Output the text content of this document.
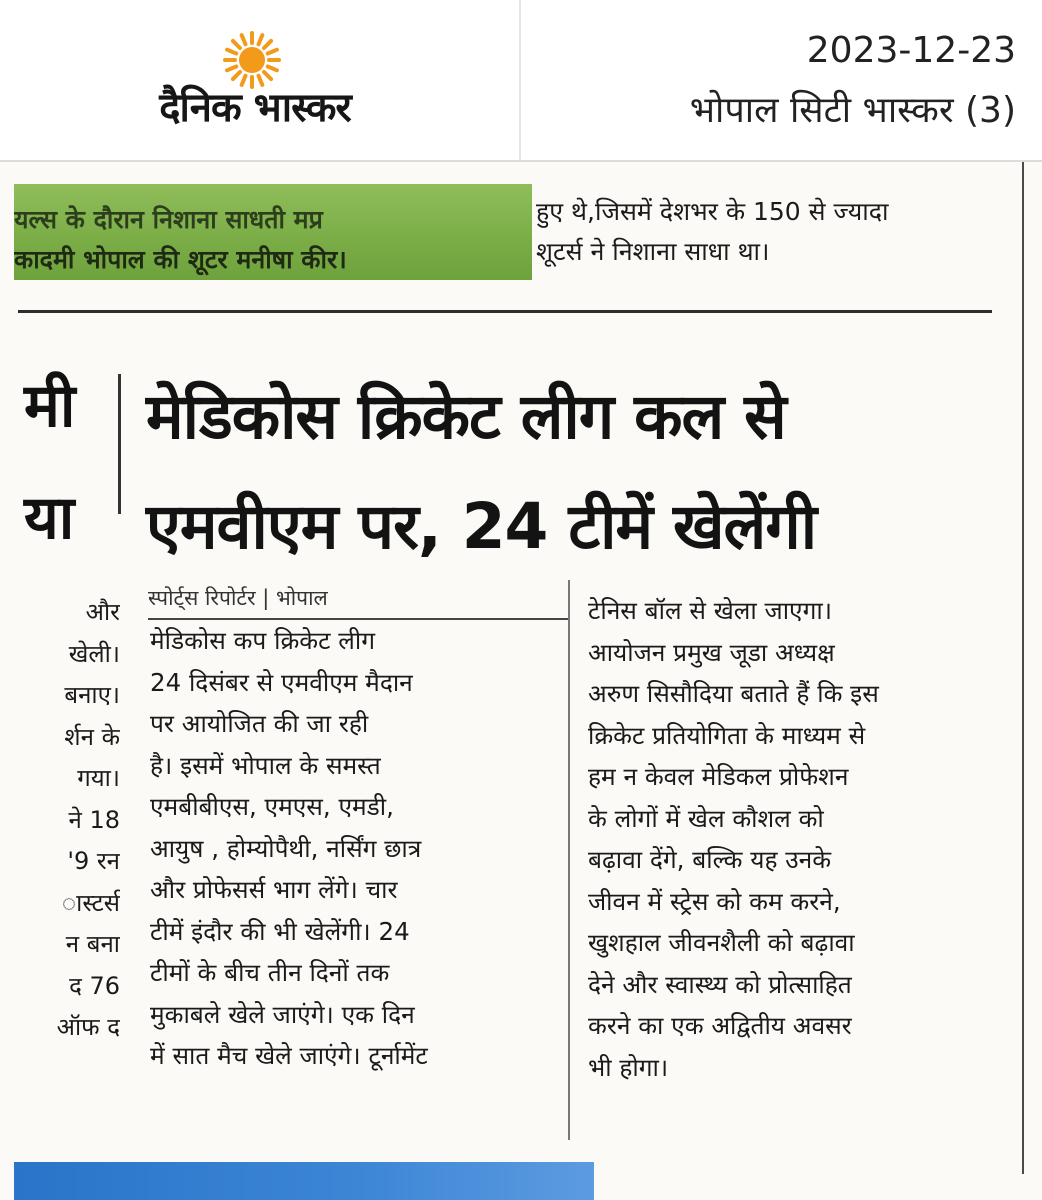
दैनिक भास्कर
2023-12-23
भोपाल सिटी भास्कर (3)
यल्स के दौरान निशाना साधती मप्र
कादमी भोपाल की शूटर मनीषा कीर।
हुए थे,जिसमें देशभर के 150 से ज्यादा
शूटर्स ने निशाना साधा था।
मी
या
और
खेली।
बनाए।
र्शन के
गया।
ने 18
'9 रन
ास्टर्स
न बना
द 76
ऑफ द
मेडिकोस क्रिकेट लीग कल से
एमवीएम पर, 24 टीमें खेलेंगी
स्पोर्ट्स रिपोर्टर | भोपाल
मेडिकोस कप क्रिकेट लीग
24 दिसंबर से एमवीएम मैदान
पर आयोजित की जा रही
है। इसमें भोपाल के समस्त
एमबीबीएस, एमएस, एमडी,
आयुष , होम्योपैथी, नर्सिंग छात्र
और प्रोफेसर्स भाग लेंगे। चार
टीमें इंदौर की भी खेलेंगी। 24
टीमों के बीच तीन दिनों तक
मुकाबले खेले जाएंगे। एक दिन
में सात मैच खेले जाएंगे। टूर्नामेंट
टेनिस बॉल से खेला जाएगा।
आयोजन प्रमुख जूडा अध्यक्ष
अरुण सिसौदिया बताते हैं कि इस
क्रिकेट प्रतियोगिता के माध्यम से
हम न केवल मेडिकल प्रोफेशन
के लोगों में खेल कौशल को
बढ़ावा देंगे, बल्कि यह उनके
जीवन में स्ट्रेस को कम करने,
खुशहाल जीवनशैली को बढ़ावा
देने और स्वास्थ्य को प्रोत्साहित
करने का एक अद्वितीय अवसर
भी होगा।
